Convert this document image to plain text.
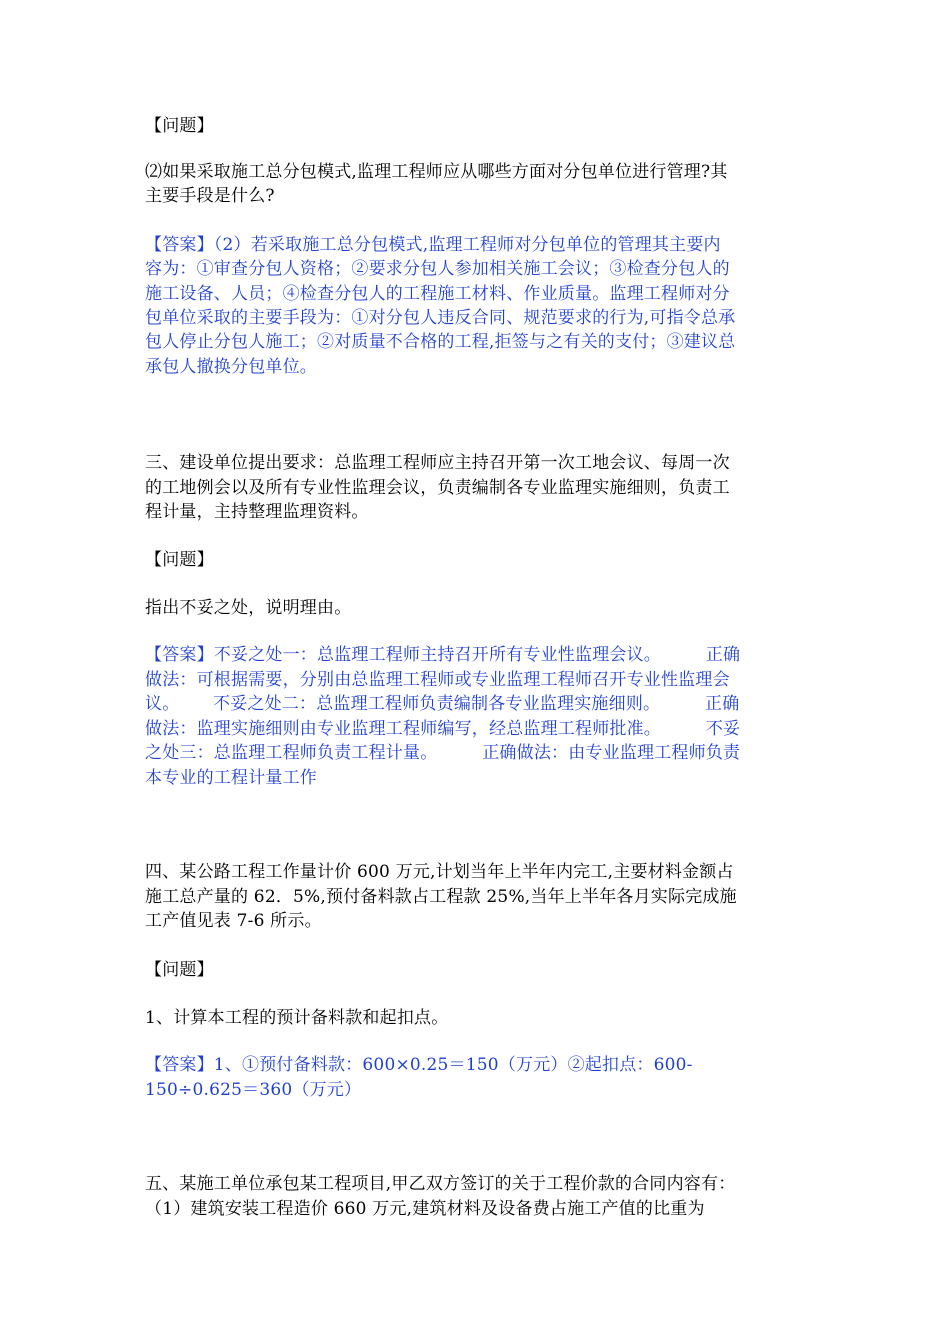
【问题】
⑵如果采取施工总分包模式,监理工程师应从哪些方面对分包单位进行管理?其
主要手段是什么?
【答案】（2）若采取施工总分包模式,监理工程师对分包单位的管理其主要内
容为：①审查分包人资格；②要求分包人参加相关施工会议；③检查分包人的
施工设备、人员；④检查分包人的工程施工材料、作业质量。监理工程师对分
包单位采取的主要手段为：①对分包人违反合同、规范要求的行为,可指令总承
包人停止分包人施工；②对质量不合格的工程,拒签与之有关的支付；③建议总
承包人撤换分包单位。
三、建设单位提出要求：总监理工程师应主持召开第一次工地会议、每周一次
的工地例会以及所有专业性监理会议，负责编制各专业监理实施细则，负责工
程计量，主持整理监理资料。
【问题】
指出不妥之处，说明理由。
【答案】不妥之处一：总监理工程师主持召开所有专业性监理会议。        正确
做法：可根据需要，分别由总监理工程师或专业监理工程师召开专业性监理会
议。      不妥之处二：总监理工程师负责编制各专业监理实施细则。        正确
做法：监理实施细则由专业监理工程师编写，经总监理工程师批准。        不妥
之处三：总监理工程师负责工程计量。        正确做法：由专业监理工程师负责
本专业的工程计量工作
四、某公路工程工作量计价 600 万元,计划当年上半年内完工,主要材料金额占
施工总产量的 62．5%,预付备料款占工程款 25%,当年上半年各月实际完成施
工产值见表 7-6 所示。
【问题】
1、计算本工程的预计备料款和起扣点。
【答案】1、①预付备料款：600×0.25＝150（万元）②起扣点：600-
150÷0.625＝360（万元）
五、某施工单位承包某工程项目,甲乙双方签订的关于工程价款的合同内容有：
（1）建筑安装工程造价 660 万元,建筑材料及设备费占施工产值的比重为
